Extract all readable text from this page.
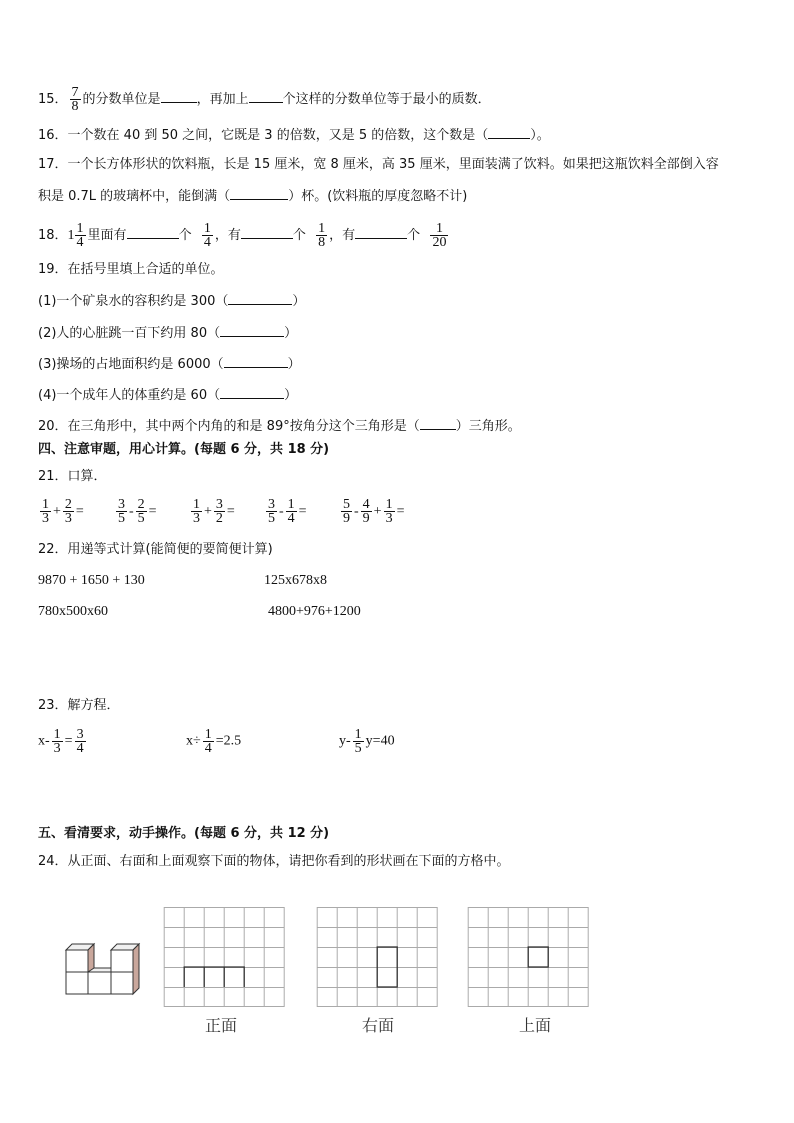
15． $\frac{7}{8}$ 的分数单位是	，再加上	个这样的分数单位等于最小的质数．
16．一个数在 40 到 50 之间，它既是 3 的倍数，又是 5 的倍数，这个数是（	）。
17．一个长方体形状的饮料瓶，长是 15 厘米，宽 8 厘米，高 35 厘米，里面装满了饮料。如果把这瓶饮料全部倒入容
积是 0.7L 的玻璃杯中，能倒满（	）杯。(饮料瓶的厚度忽略不计)
18．$1 \frac{1}{4}$ 里面有	个 $\frac{1}{4}$ ，有	个 $\frac{1}{8}$ ，有	个 $\frac{1}{20}$
19．在括号里填上合适的单位。
(1)一个矿泉水的容积约是 300（	）
(2)人的心脏跳一百下约用 80（	）
(3)操场的占地面积约是 6000（	）
(4)一个成年人的体重约是 60（	）
20．在三角形中，其中两个内角的和是 89°按角分这个三角形是（	）三角形。
四、注意审题，用心计算。(每题 6 分，共 18 分)
21．口算．
$\frac{1}{3} + \frac{2}{3} = \frac{3}{5} - \frac{2}{5} = \frac{1}{3} + \frac{3}{2} = \frac{3}{5} - \frac{1}{4} = \frac{5}{9} - \frac{4}{9} + \frac{1}{3}$ =
22．用递等式计算(能简便的要简便计算)
9870 + 1650 + 130	125x678x8
780x500x60	4800+976+1200
23．解方程．
$x- \frac{1}{3} = \frac{3}{4}$	$x\div \frac{1}{4} =2.5$	$y- \frac{1}{5} y=40$
五、看清要求，动手操作。(每题 6 分，共 12 分)
24．从正面、右面和上面观察下面的物体，请把你看到的形状画在下面的方格中。
正面	右面	上面
